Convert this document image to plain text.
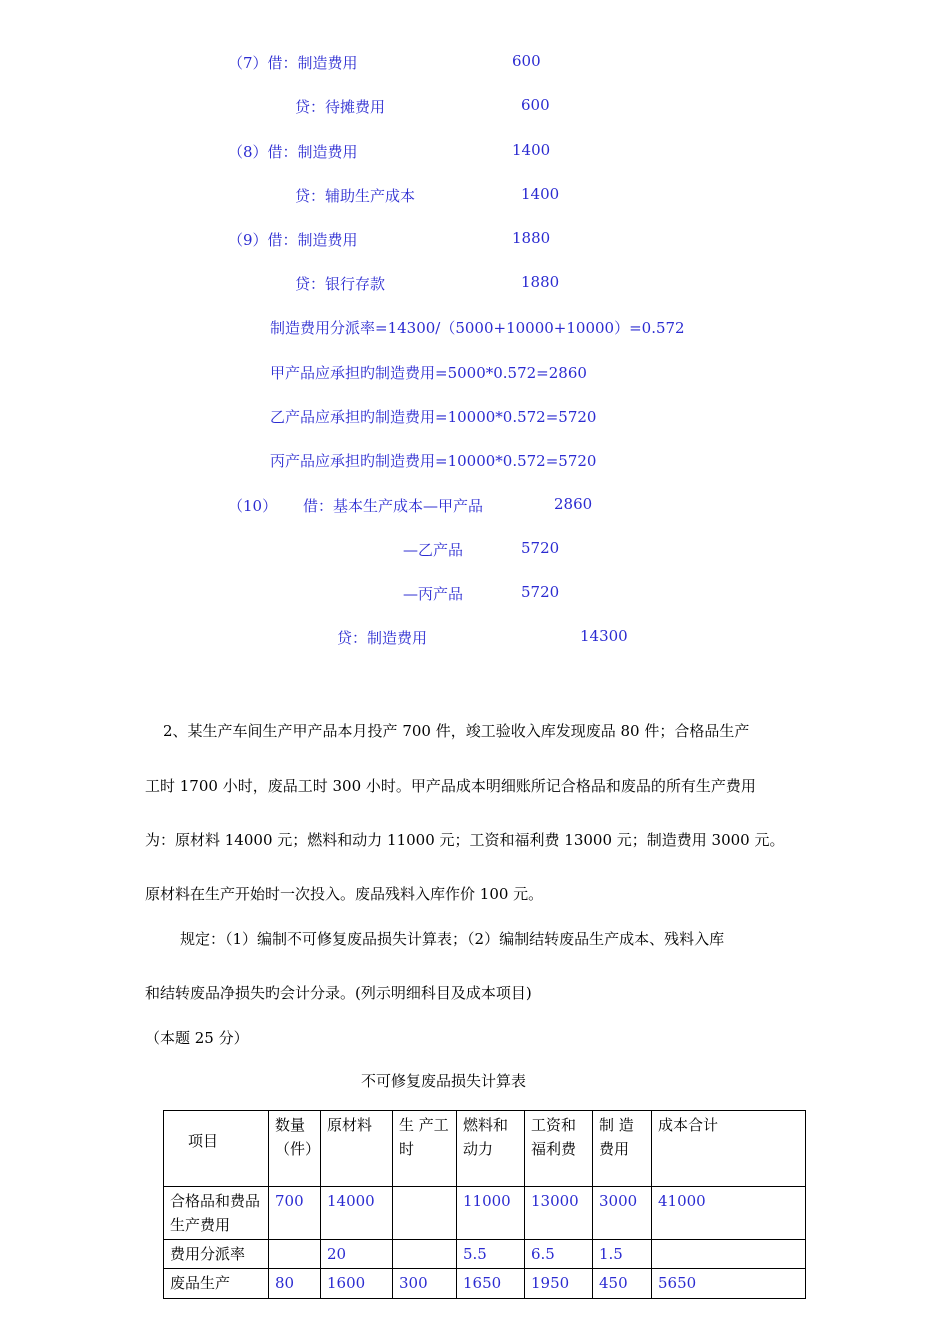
（7）借：制造费用	600
贷：待摊费用	600
（8）借：制造费用	1400
贷：辅助生产成本	1400
（9）借：制造费用	1880
贷：银行存款	1880
制造费用分派率=14300/（5000+10000+10000）=0.572
甲产品应承担旳制造费用=5000*0.572=2860
乙产品应承担旳制造费用=10000*0.572=5720
丙产品应承担旳制造费用=10000*0.572=5720
（10） 借：基本生产成本—甲产品	2860
—乙产品	5720
—丙产品	5720
贷：制造费用	14300
2、某生产车间生产甲产品本月投产 700 件，竣工验收入库发现废品 80 件；合格品生产
工时 1700 小时，废品工时 300 小时。甲产品成本明细账所记合格品和废品的所有生产费用
为：原材料 14000 元；燃料和动力 11000 元；工资和福利费 13000 元；制造费用 3000 元。
原材料在生产开始时一次投入。废品残料入库作价 100 元。
规定：（1）编制不可修复废品损失计算表；（2）编制结转废品生产成本、残料入库
和结转废品净损失旳会计分录。(列示明细科目及成本项目)
（本题 25 分）
不可修复废品损失计算表
项目	数量（件）	原材料	生 产工时	燃料和动力	工资和福利费	制 造费用	成本合计
合格品和费品生产费用	700	14000		11000	13000	3000	41000
费用分派率		20		5.5	6.5	1.5	
废品生产	80	1600	300	1650	1950	450	5650
